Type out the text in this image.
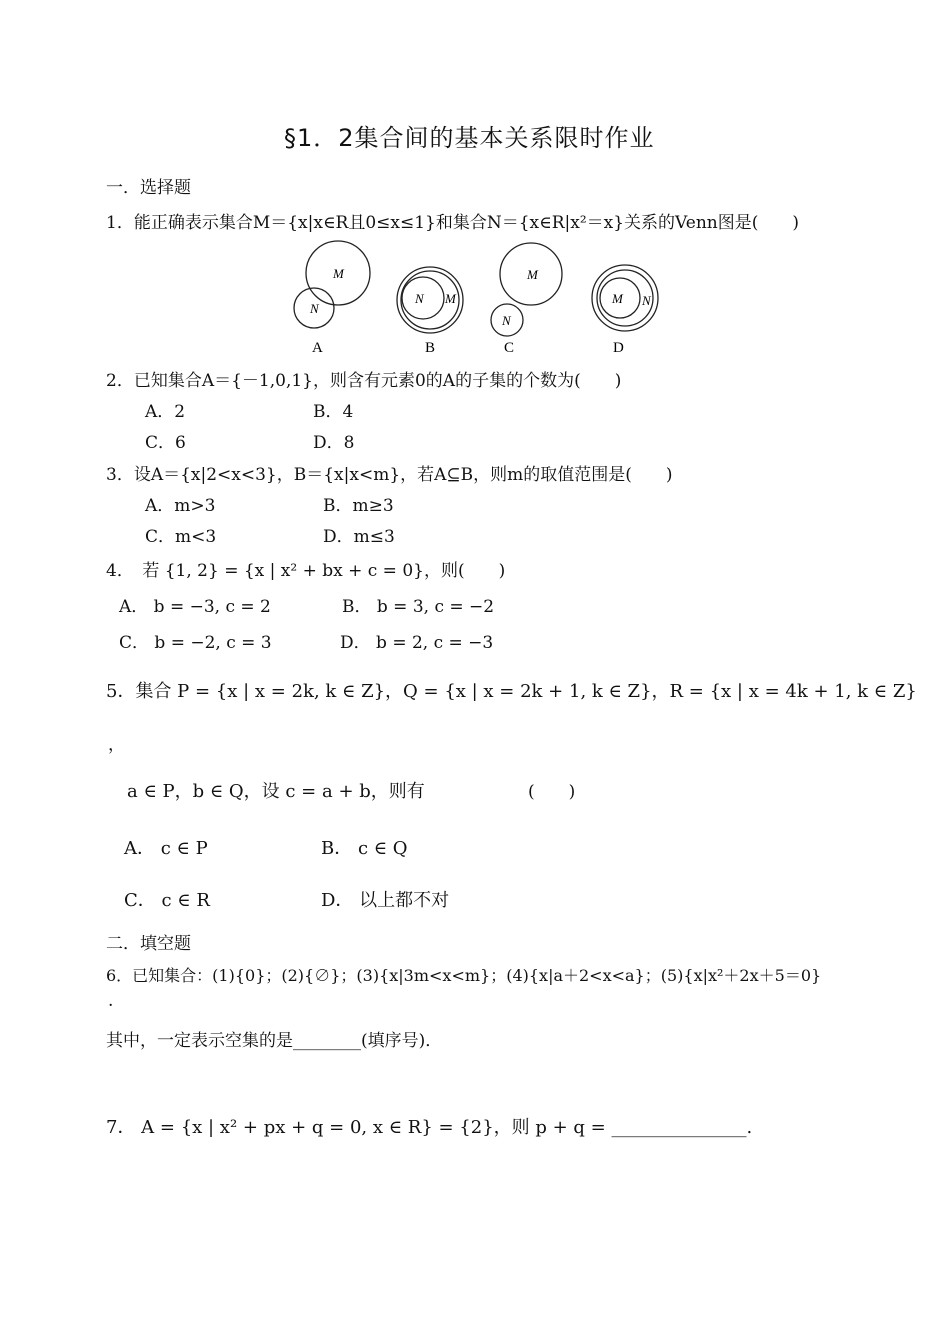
§1．2集合间的基本关系限时作业
一．选择题
1．能正确表示集合M＝{x|x∈R且0≤x≤1}和集合N＝{x∈R|x²＝x}关系的Venn图是(　　)
M
N
A
N M
B
M
N
C
M N
D
2．已知集合A＝{－1,0,1}，则含有元素0的A的子集的个数为(　　)
A．2	B．4
C．6	D．8
3．设A＝{x|2<x<3}，B＝{x|x<m}，若A⊆B，则m的取值范围是(　　)
A．m>3	B．m≥3
C．m<3	D．m≤3
4．　若 {1, 2} = {x | x² + bx + c = 0}，则(　　)
A． b = −3, c = 2	B． b = 3, c = −2
C． b = −2, c = 3	D． b = 2, c = −3
5．集合 P = {x | x = 2k, k ∈ Z}，Q = {x | x = 2k + 1, k ∈ Z}，R = {x | x = 4k + 1, k ∈ Z}
，
a ∈ P，b ∈ Q，设 c = a + b，则有	(　　)
A． c ∈ P	B． c ∈ Q
C． c ∈ R	D． 以上都不对
二．填空题
6．已知集合：(1){0}；(2){∅}；(3){x|3m<x<m}；(4){x|a＋2<x<a}；(5){x|x²＋2x＋5＝0}
.
其中，一定表示空集的是________(填序号)．
7． A = {x | x² + px + q = 0, x ∈ R} = {2}，则 p + q = _______________.
